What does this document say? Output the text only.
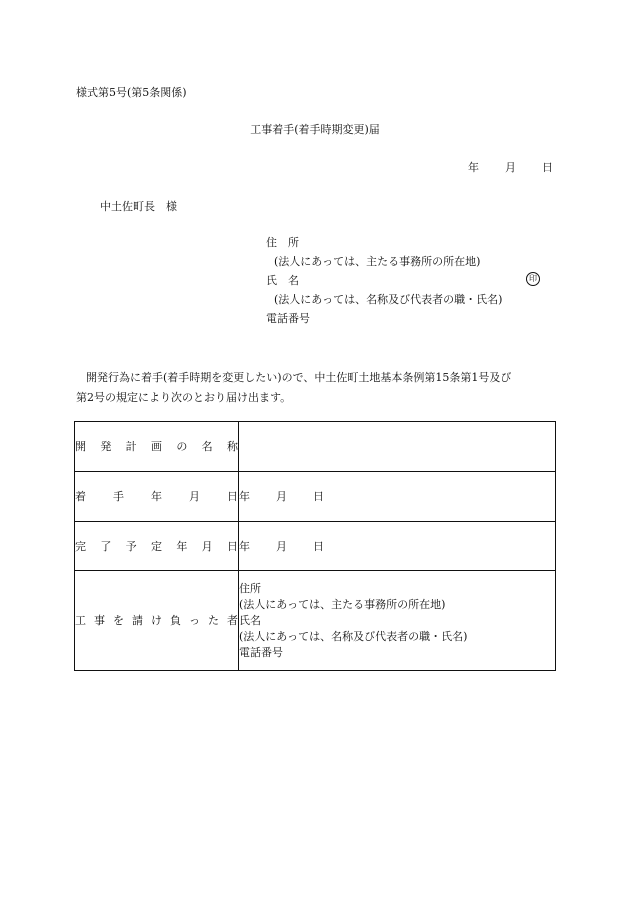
様式第5号(第5条関係)
工事着手(着手時期変更)届
年 月 日
中土佐町長　様
住　所
(法人にあっては、主たる事務所の所在地)
氏　名
(法人にあっては、名称及び代表者の職・氏名)
電話番号
印
開発行為に着手(着手時期を変更したい)ので、中土佐町土地基本条例第15条第1号及び
第2号の規定により次のとおり届け出ます。
開発計画の名称	
着手年月日	年 月 日
完了予定年月日	年 月 日
工事を請け負った者	住所
(法人にあっては、主たる事務所の所在地)
氏名
(法人にあっては、名称及び代表者の職・氏名)
電話番号
